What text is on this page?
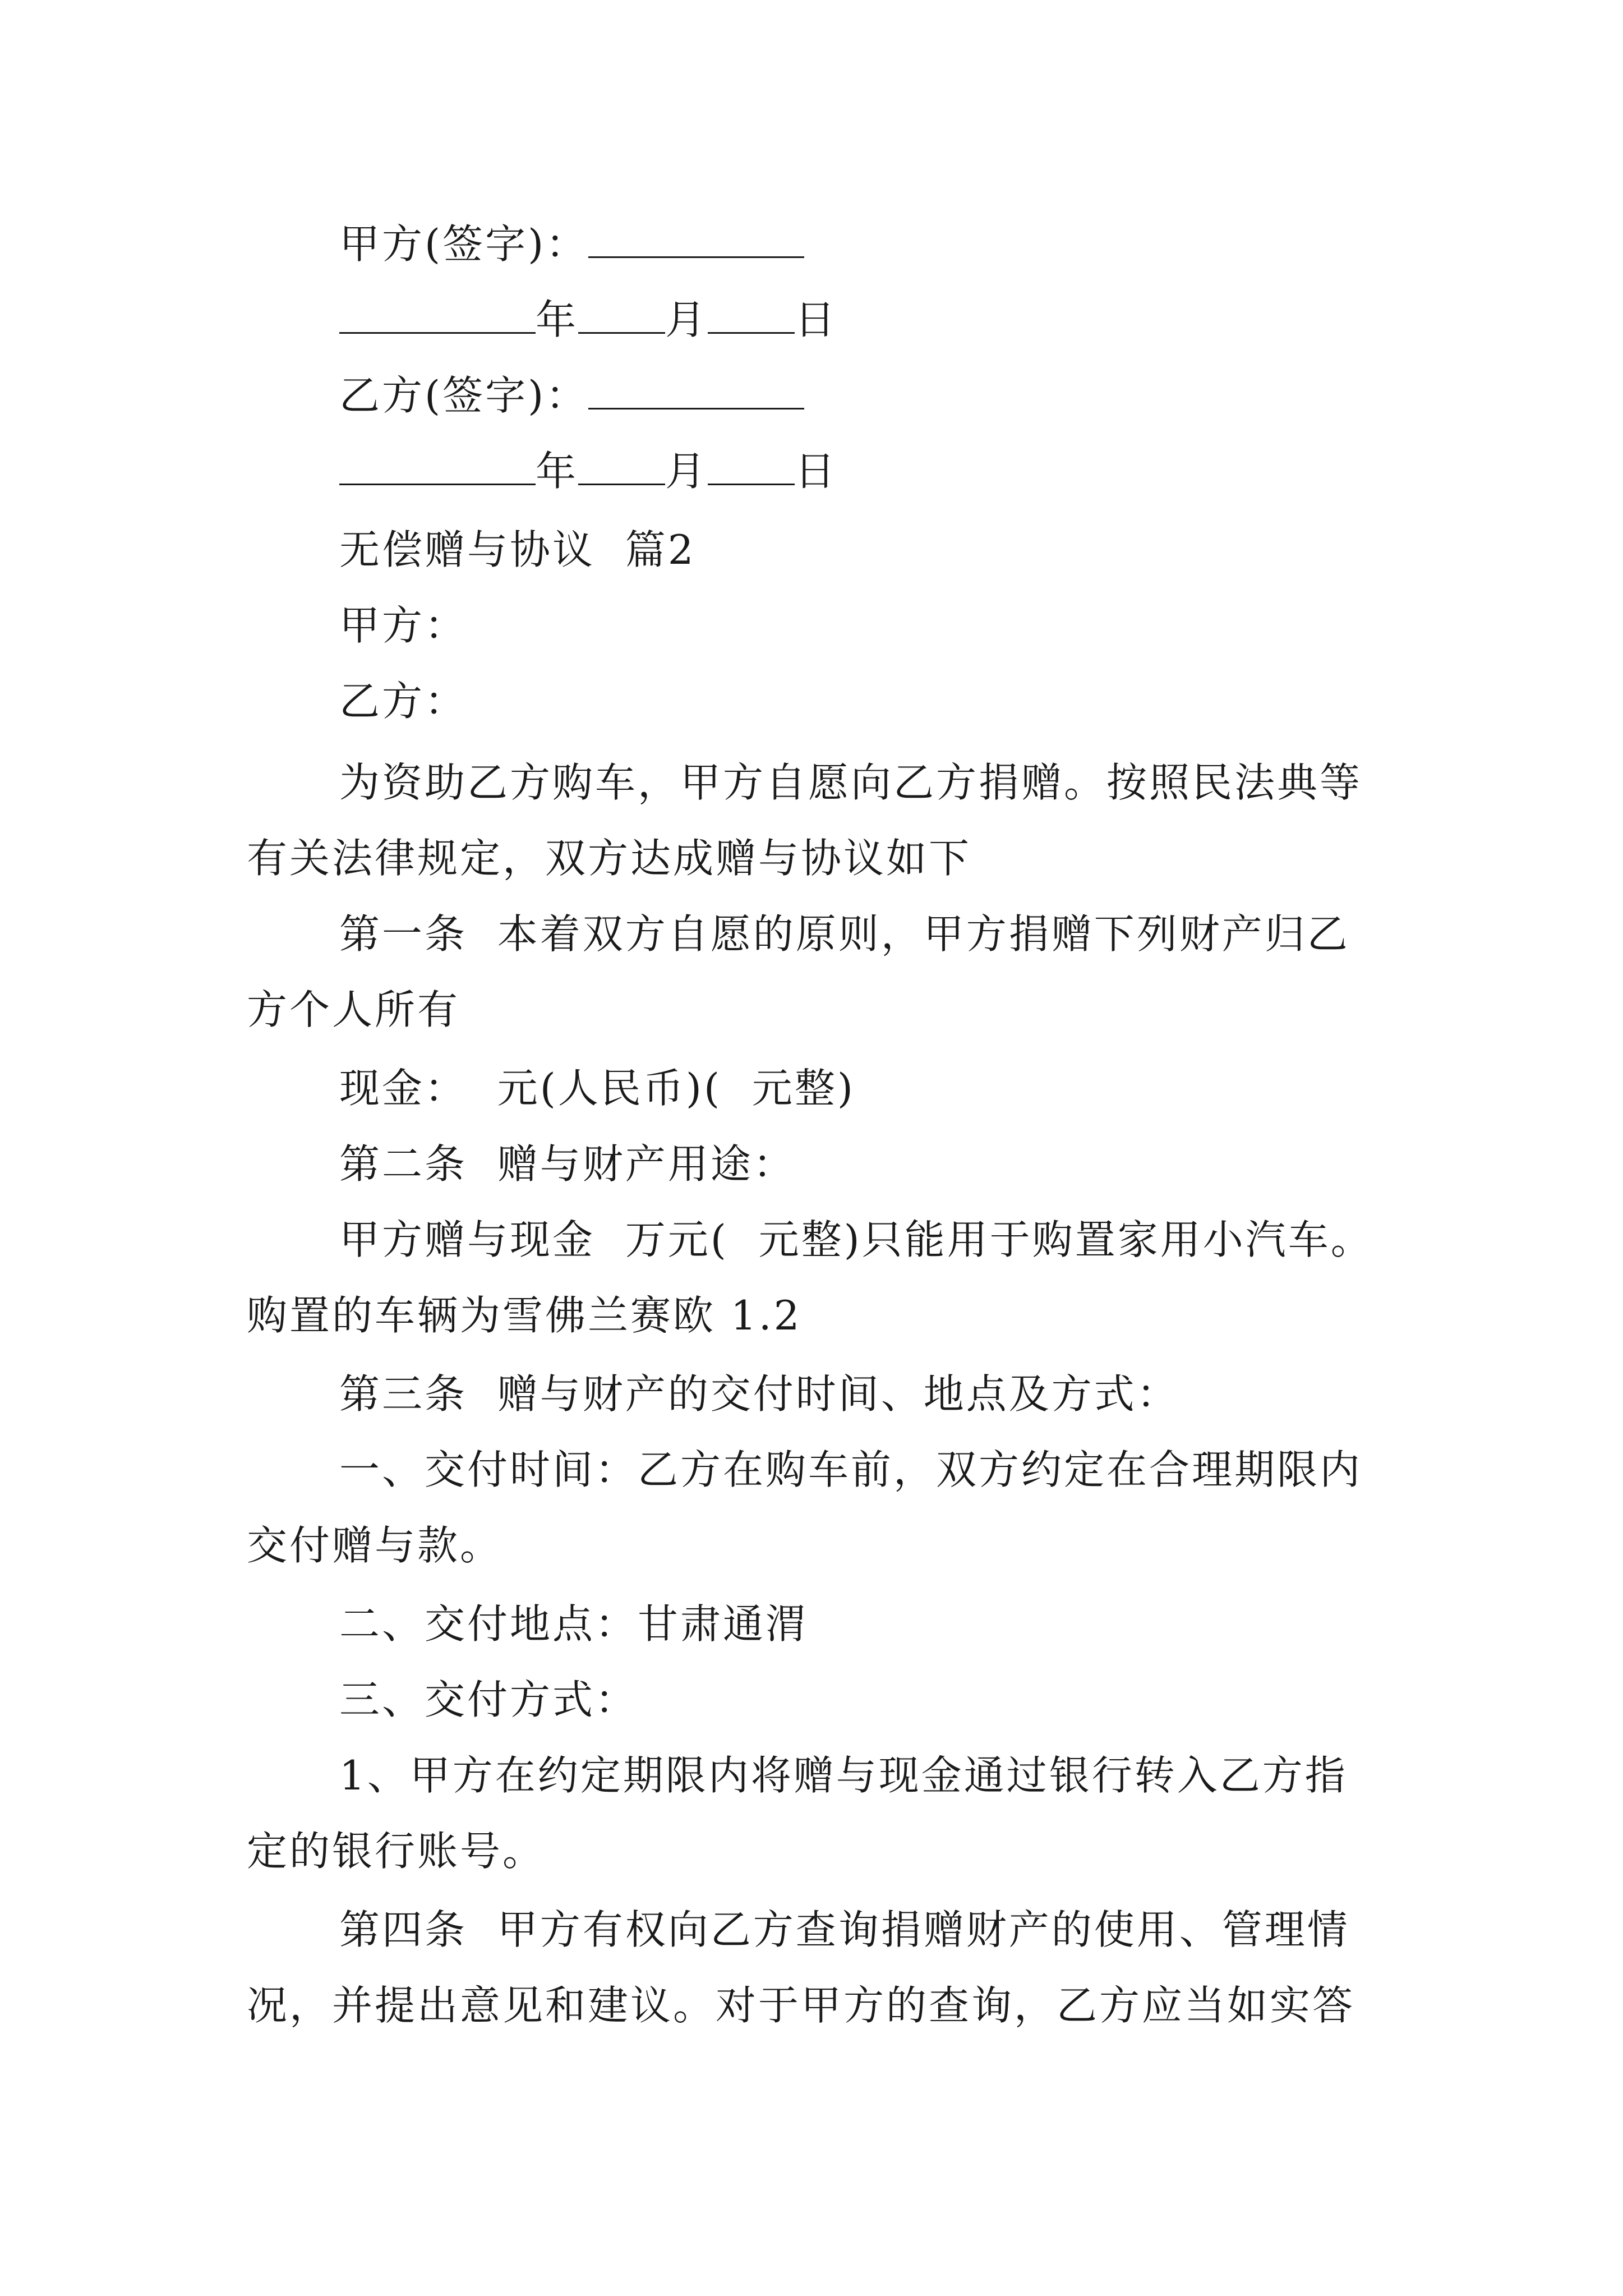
甲方(签字)：
年 月 日
乙方(签字)：
年 月 日
无偿赠与协议  篇2
甲方：
乙方：
为资助乙方购车，甲方自愿向乙方捐赠。按照民法典等
有关法律规定，双方达成赠与协议如下
第一条  本着双方自愿的原则，甲方捐赠下列财产归乙
方个人所有
现金：  元(人民币)(  元整)
第二条  赠与财产用途：
甲方赠与现金  万元(  元整)只能用于购置家用小汽车。
购置的车辆为雪佛兰赛欧 1.2
第三条  赠与财产的交付时间、地点及方式：
一、交付时间：乙方在购车前，双方约定在合理期限内
交付赠与款。
二、交付地点：甘肃通渭
三、交付方式：
1、甲方在约定期限内将赠与现金通过银行转入乙方指
定的银行账号。
第四条  甲方有权向乙方查询捐赠财产的使用、管理情
况，并提出意见和建议。对于甲方的查询，乙方应当如实答
